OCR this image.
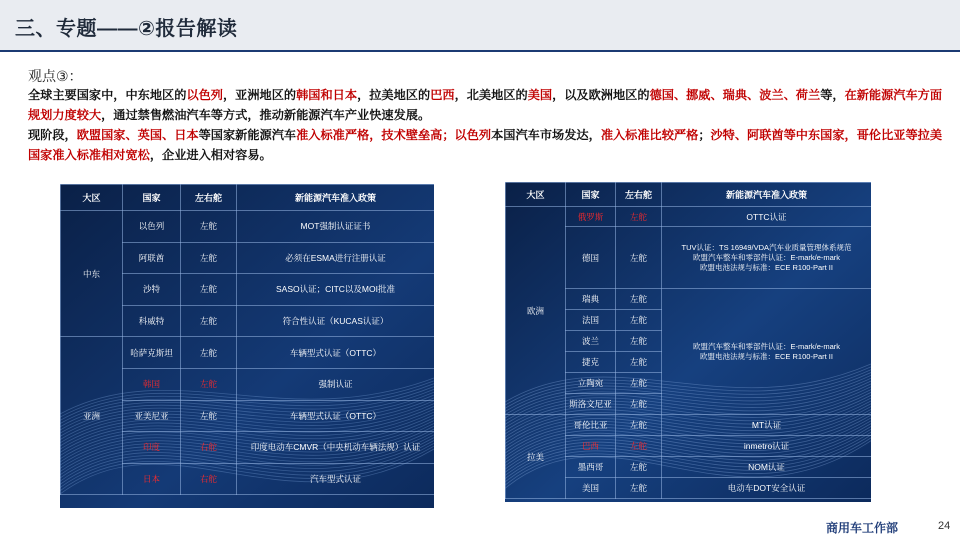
三、专题——②报告解读
观点③：
全球主要国家中，中东地区的以色列，亚洲地区的韩国和日本，拉美地区的巴西，北美地区的美国，以及欧洲地区的德国、挪威、瑞典、波兰、荷兰等，在新能源汽车方面规划力度较大，通过禁售燃油汽车等方式，推动新能源汽车产业快速发展。
现阶段，欧盟国家、英国、日本等国家新能源汽车准入标准严格，技术壁垒高；以色列本国汽车市场发达，准入标准比较严格；沙特、阿联酋等中东国家，哥伦比亚等拉美国家准入标准相对宽松，企业进入相对容易。
大区	国家	左右舵	新能源汽车准入政策
中东	以色列	左舵	MOT强制认证证书
	阿联酋	左舵	必须在ESMA进行注册认证
	沙特	左舵	SASO认证；CITC以及MOI批准
	科威特	左舵	符合性认证（KUCAS认证）
亚洲	哈萨克斯坦	左舵	车辆型式认证（OTTC）
	韩国	左舵	强制认证
	亚美尼亚	左舵	车辆型式认证（OTTC）
	印度	右舵	印度电动车CMVR（中央机动车辆法规）认证
	日本	右舵	汽车型式认证
大区	国家	左右舵	新能源汽车准入政策
欧洲	俄罗斯	左舵	OTTC认证
	德国	左舵	TUV认证：TS 16949/VDA汽车业质量管理体系规范
欧盟汽车整车和零部件认证：E-mark/e-mark
欧盟电池法规与标准：ECE R100-Part II

	瑞典	左舵	欧盟汽车整车和零部件认证：E-mark/e-mark
欧盟电池法规与标准：ECE R100-Part II

	法国	左舵	
	波兰	左舵	
	捷克	左舵	
	立陶宛	左舵	
	斯洛文尼亚	左舵	
拉美	哥伦比亚	左舵	MT认证
	巴西	左舵	inmetro认证
	墨西哥	左舵	NOM认证
	美国	左舵	电动车DOT安全认证
商用车工作部	24
